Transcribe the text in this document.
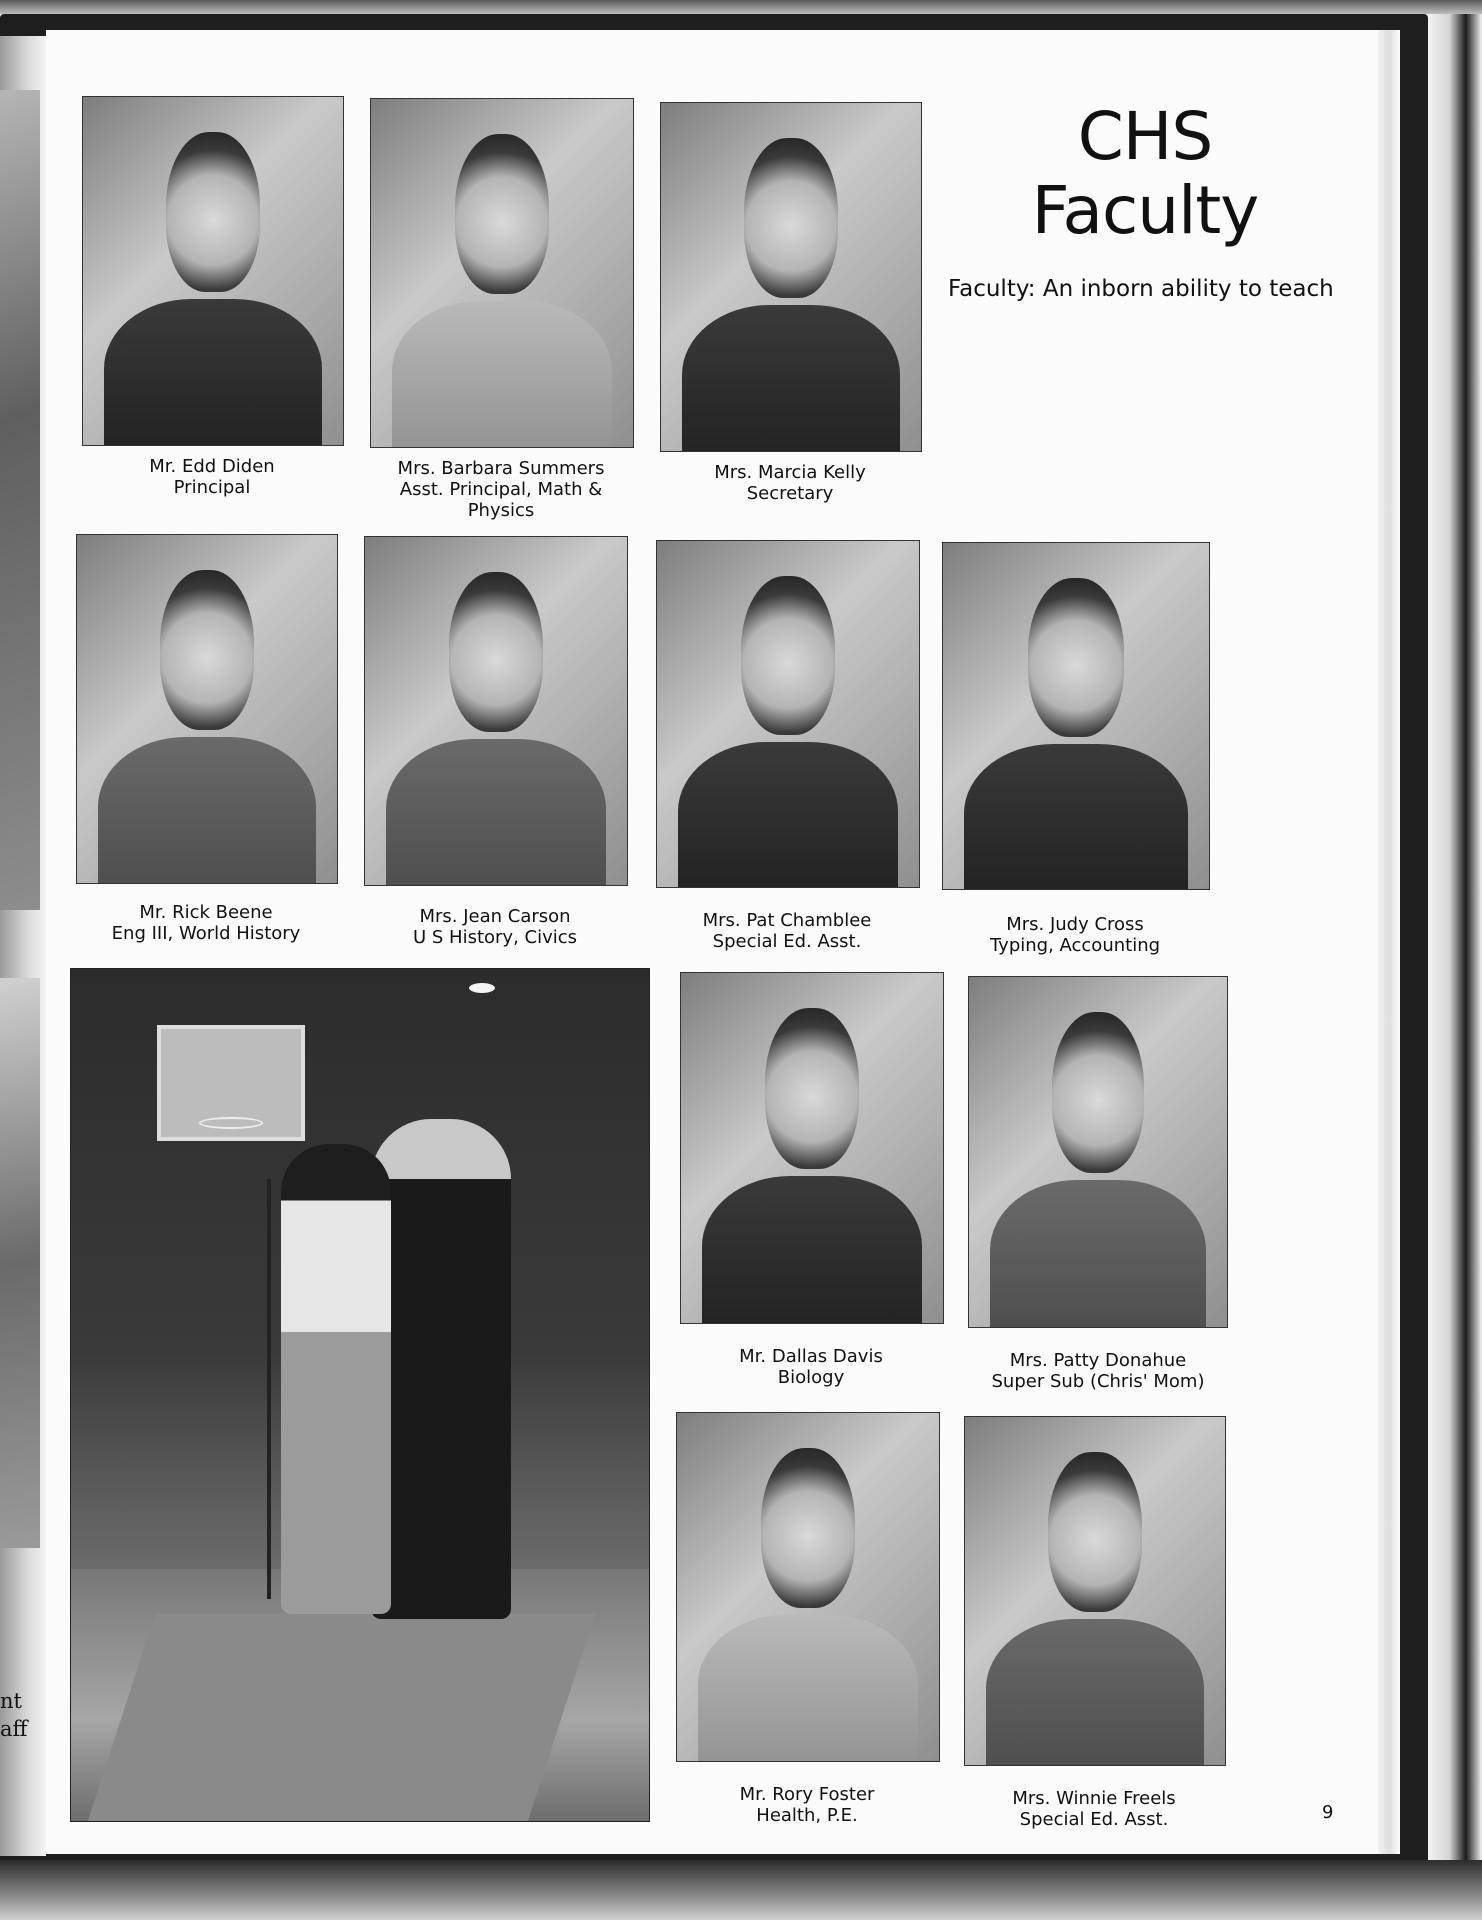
nt
aff
CHS
Faculty
Faculty: An inborn ability to teach
Mr. Edd Diden
Principal
Mrs. Barbara Summers
Asst. Principal, Math &
Physics
Mrs. Marcia Kelly
Secretary
Mr. Rick Beene
Eng III, World History
Mrs. Jean Carson
U S History, Civics
Mrs. Pat Chamblee
Special Ed. Asst.
Mrs. Judy Cross
Typing, Accounting
Mr. Dallas Davis
Biology
Mrs. Patty Donahue
Super Sub (Chris' Mom)
Mr. Rory Foster
Health, P.E.
Mrs. Winnie Freels
Special Ed. Asst.	9
